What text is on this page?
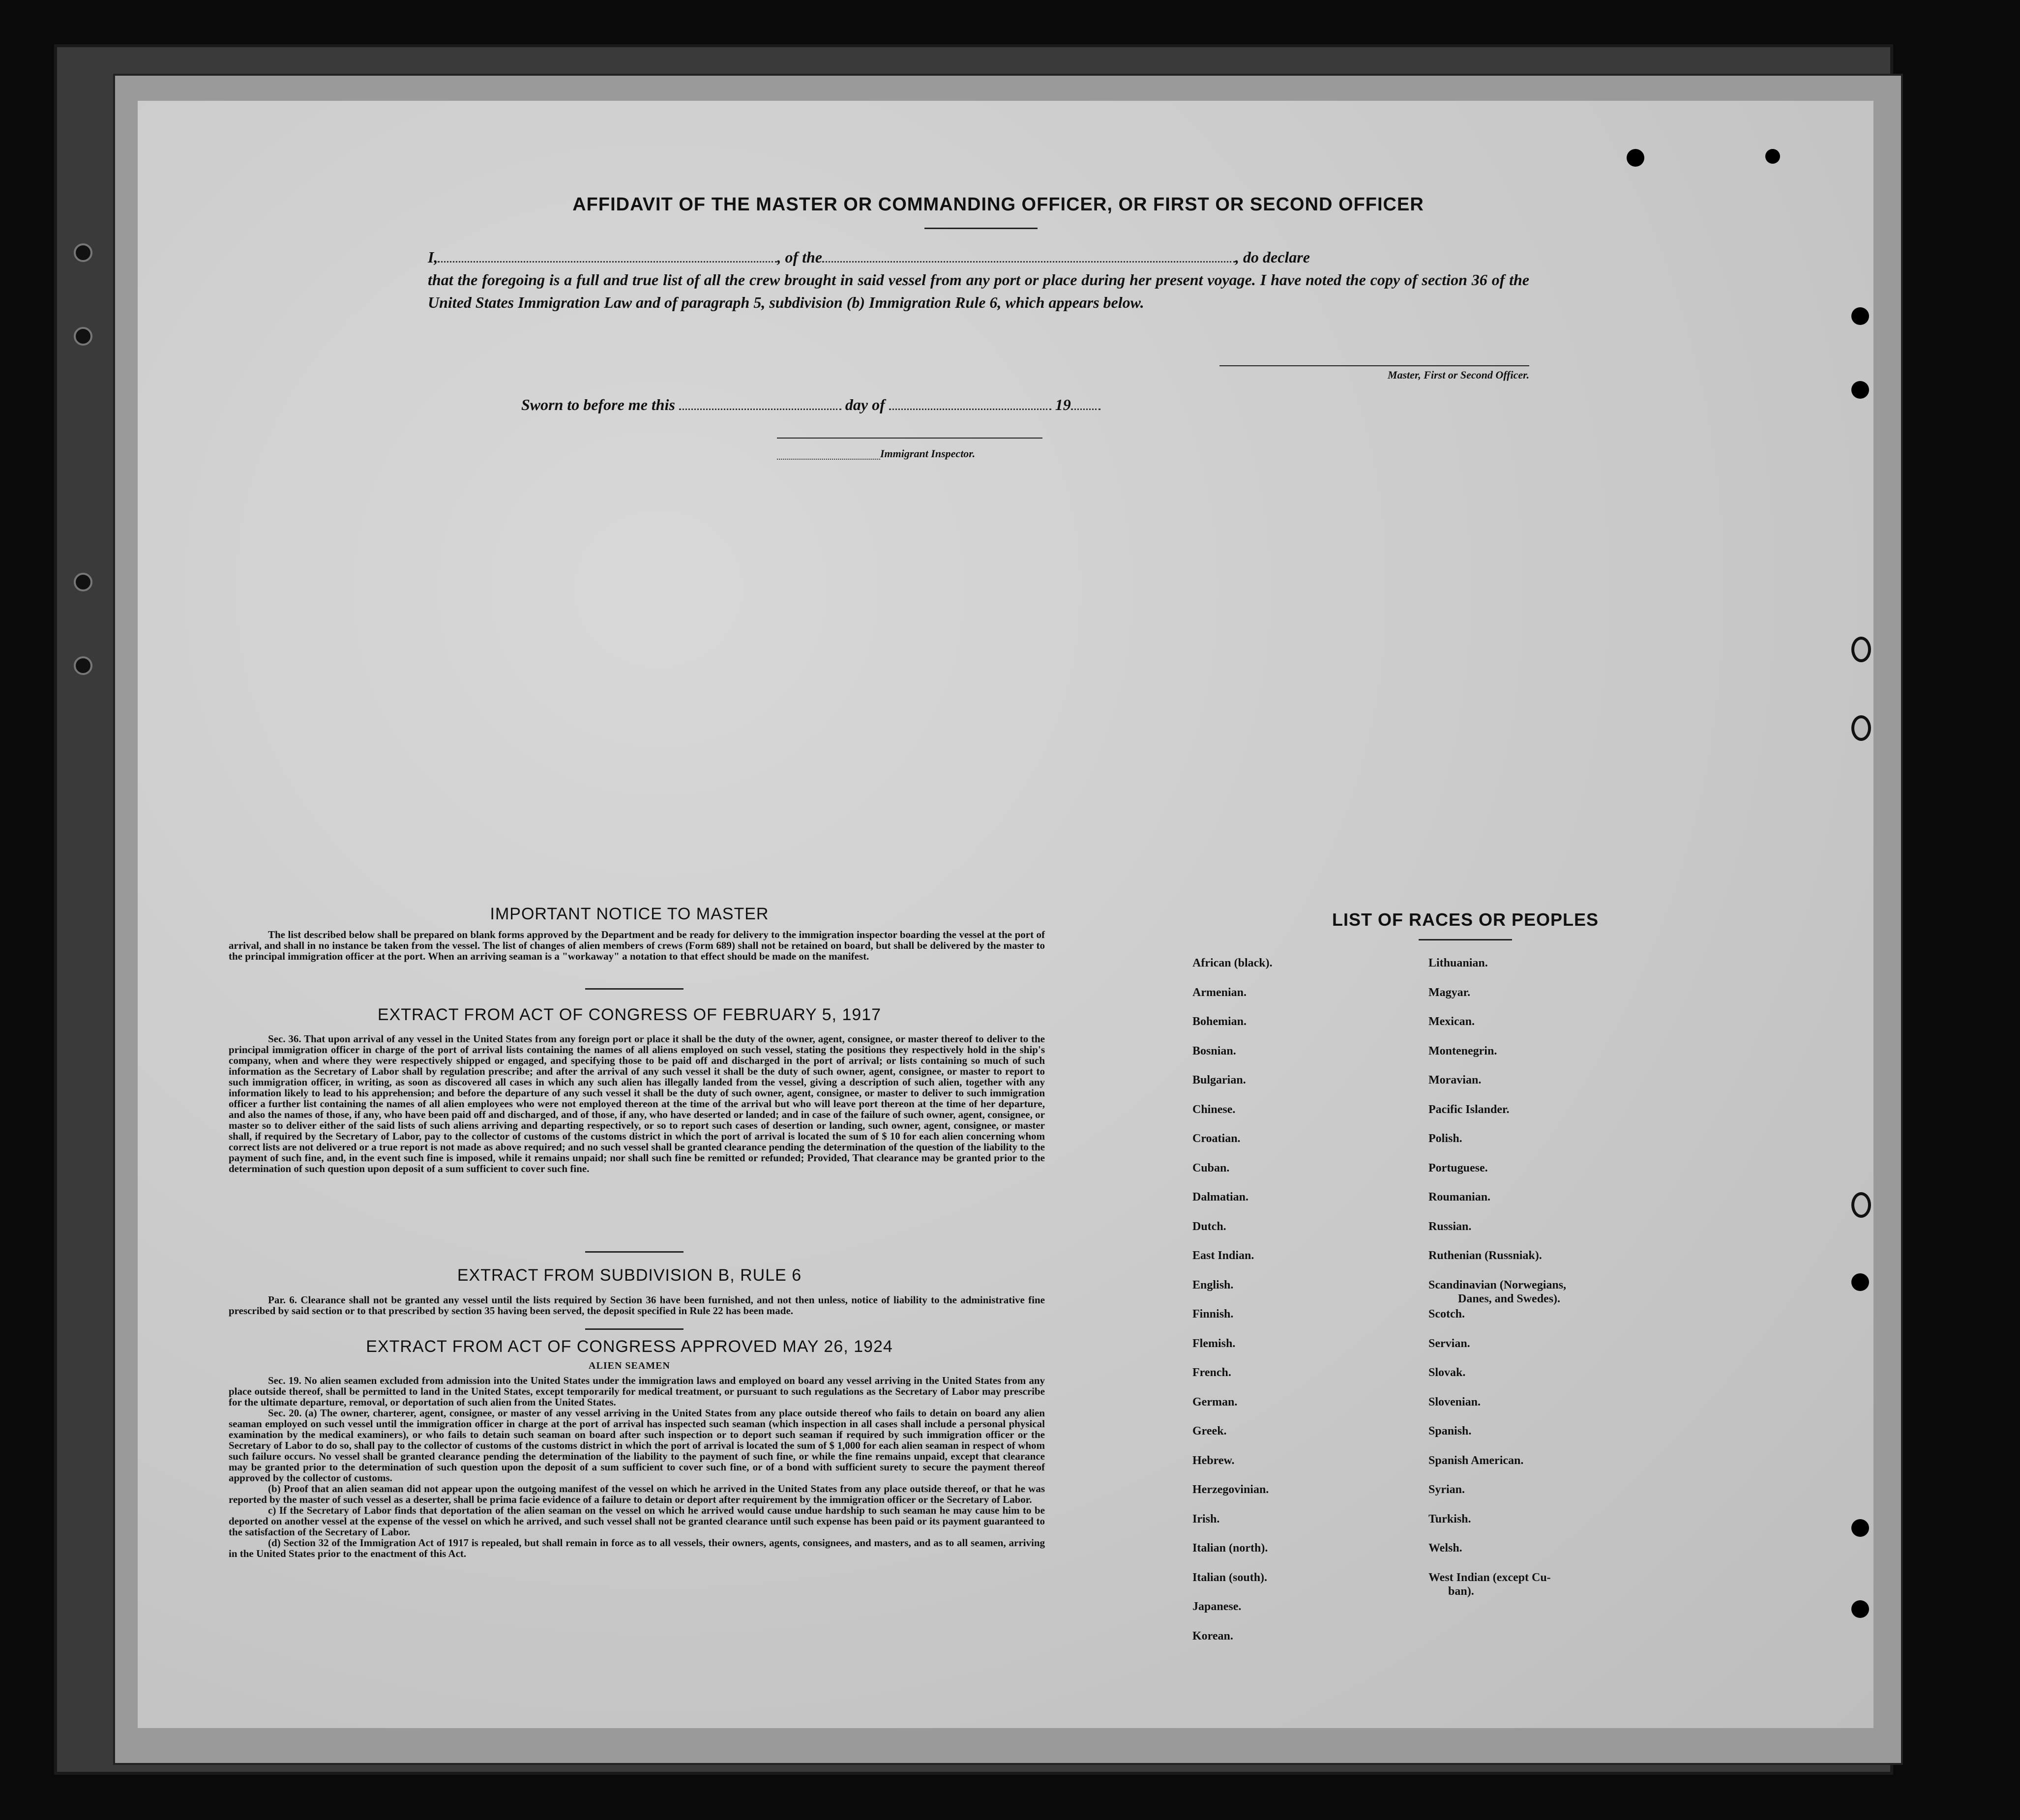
AFFIDAVIT OF THE MASTER OR COMMANDING OFFICER, OR FIRST OR SECOND OFFICER
I,	, of the	, do declare
that the foregoing is a full and true list of all the crew brought in said vessel from any port or place during her present voyage. I have noted the copy of section 36 of the United States Immigration Law and of paragraph 5, subdivision (b) Immigration Rule 6, which appears below.
Master, First or Second Officer.
Sworn to before me this	day of	19
Immigrant Inspector.
IMPORTANT NOTICE TO MASTER

The list described below shall be prepared on blank forms approved by the Department and be ready for delivery to the immigration inspector boarding the vessel at the port of arrival, and shall in no instance be taken from the vessel. The list of changes of alien members of crews (Form 689) shall not be retained on board, but shall be delivered by the master to the principal immigration officer at the port. When an arriving seaman is a "workaway" a notation to that effect should be made on the manifest.

EXTRACT FROM ACT OF CONGRESS OF FEBRUARY 5, 1917

Sec. 36. That upon arrival of any vessel in the United States from any foreign port or place it shall be the duty of the owner, agent, consignee, or master thereof to deliver to the principal immigration officer in charge of the port of arrival lists containing the names of all aliens employed on such vessel, stating the positions they respectively hold in the ship's company, when and where they were respectively shipped or engaged, and specifying those to be paid off and discharged in the port of arrival; or lists containing so much of such information as the Secretary of Labor shall by regulation prescribe; and after the arrival of any such vessel it shall be the duty of such owner, agent, consignee, or master to report to such immigration officer, in writing, as soon as discovered all cases in which any such alien has illegally landed from the vessel, giving a description of such alien, together with any information likely to lead to his apprehension; and before the departure of any such vessel it shall be the duty of such owner, agent, consignee, or master to deliver to such immigration officer a further list containing the names of all alien employees who were not employed thereon at the time of the arrival but who will leave port thereon at the time of her departure, and also the names of those, if any, who have been paid off and discharged, and of those, if any, who have deserted or landed; and in case of the failure of such owner, agent, consignee, or master so to deliver either of the said lists of such aliens arriving and departing respectively, or so to report such cases of desertion or landing, such owner, agent, consignee, or master shall, if required by the Secretary of Labor, pay to the collector of customs of the customs district in which the port of arrival is located the sum of $ 10 for each alien concerning whom correct lists are not delivered or a true report is not made as above required; and no such vessel shall be granted clearance pending the determination of the question of the liability to the payment of such fine, and, in the event such fine is imposed, while it remains unpaid; nor shall such fine be remitted or refunded; Provided, That clearance may be granted prior to the determination of such question upon deposit of a sum sufficient to cover such fine.

EXTRACT FROM SUBDIVISION B, RULE 6

Par. 6. Clearance shall not be granted any vessel until the lists required by Section 36 have been furnished, and not then unless, notice of liability to the administrative fine prescribed by said section or to that prescribed by section 35 having been served, the deposit specified in Rule 22 has been made.

EXTRACT FROM ACT OF CONGRESS APPROVED MAY 26, 1924
ALIEN SEAMEN

Sec. 19. No alien seamen excluded from admission into the United States under the immigration laws and employed on board any vessel arriving in the United States from any place outside thereof, shall be permitted to land in the United States, except temporarily for medical treatment, or pursuant to such regulations as the Secretary of Labor may prescribe for the ultimate departure, removal, or deportation of such alien from the United States.

Sec. 20. (a) The owner, charterer, agent, consignee, or master of any vessel arriving in the United States from any place outside thereof who fails to detain on board any alien seaman employed on such vessel until the immigration officer in charge at the port of arrival has inspected such seaman (which inspection in all cases shall include a personal physical examination by the medical examiners), or who fails to detain such seaman on board after such inspection or to deport such seaman if required by such immigration officer or the Secretary of Labor to do so, shall pay to the collector of customs of the customs district in which the port of arrival is located the sum of $ 1,000 for each alien seaman in respect of whom such failure occurs. No vessel shall be granted clearance pending the determination of the liability to the payment of such fine, or while the fine remains unpaid, except that clearance may be granted prior to the determination of such question upon the deposit of a sum sufficient to cover such fine, or of a bond with sufficient surety to secure the payment thereof approved by the collector of customs.

(b) Proof that an alien seaman did not appear upon the outgoing manifest of the vessel on which he arrived in the United States from any place outside thereof, or that he was reported by the master of such vessel as a deserter, shall be prima facie evidence of a failure to detain or deport after requirement by the immigration officer or the Secretary of Labor.

c) If the Secretary of Labor finds that deportation of the alien seaman on the vessel on which he arrived would cause undue hardship to such seaman he may cause him to be deported on another vessel at the expense of the vessel on which he arrived, and such vessel shall not be granted clearance until such expense has been paid or its payment guaranteed to the satisfaction of the Secretary of Labor.

(d) Section 32 of the Immigration Act of 1917 is repealed, but shall remain in force as to all vessels, their owners, agents, consignees, and masters, and as to all seamen, arriving in the United States prior to the enactment of this Act.

LIST OF RACES OR PEOPLES
African (black).
Armenian.
Bohemian.
Bosnian.
Bulgarian.
Chinese.
Croatian.
Cuban.
Dalmatian.
Dutch.
East Indian.
English.
Finnish.
Flemish.
French.
German.
Greek.
Hebrew.
Herzegovinian.
Irish.
Italian (north).
Italian (south).
Japanese.
Korean.
Lithuanian.
Magyar.
Mexican.
Montenegrin.
Moravian.
Pacific Islander.
Polish.
Portuguese.
Roumanian.
Russian.
Ruthenian (Russniak).
Scandinavian (Norwegians,
Danes, and Swedes).
Scotch.
Servian.
Slovak.
Slovenian.
Spanish.
Spanish American.
Syrian.
Turkish.
Welsh.
West Indian (except Cu-
ban).
